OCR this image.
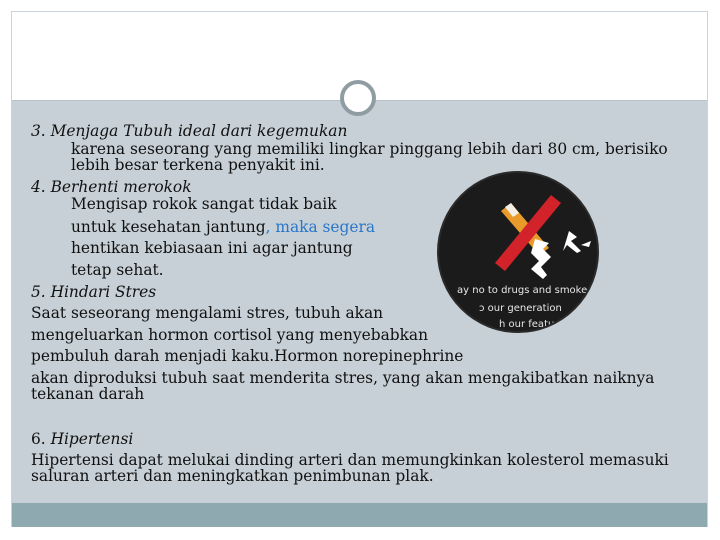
ay no to drugs and smoke
ɔ our generation
h our feature...!!!!
3. Menjaga Tubuh ideal dari kegemukan
karena seseorang yang memiliki lingkar pinggang lebih dari 80 cm, berisiko
lebih besar terkena penyakit ini.
4. Berhenti merokok
Mengisap rokok sangat tidak baik
untuk kesehatan jantung, maka segera
hentikan kebiasaan ini agar jantung
tetap sehat.
5. Hindari Stres
Saat seseorang mengalami stres, tubuh akan
mengeluarkan hormon cortisol yang menyebabkan
pembuluh darah menjadi kaku.Hormon norepinephrine
akan diproduksi tubuh saat menderita stres, yang akan mengakibatkan naiknya
tekanan darah
6. Hipertensi
Hipertensi dapat melukai dinding arteri dan memungkinkan kolesterol memasuki
saluran arteri dan meningkatkan penimbunan plak.
